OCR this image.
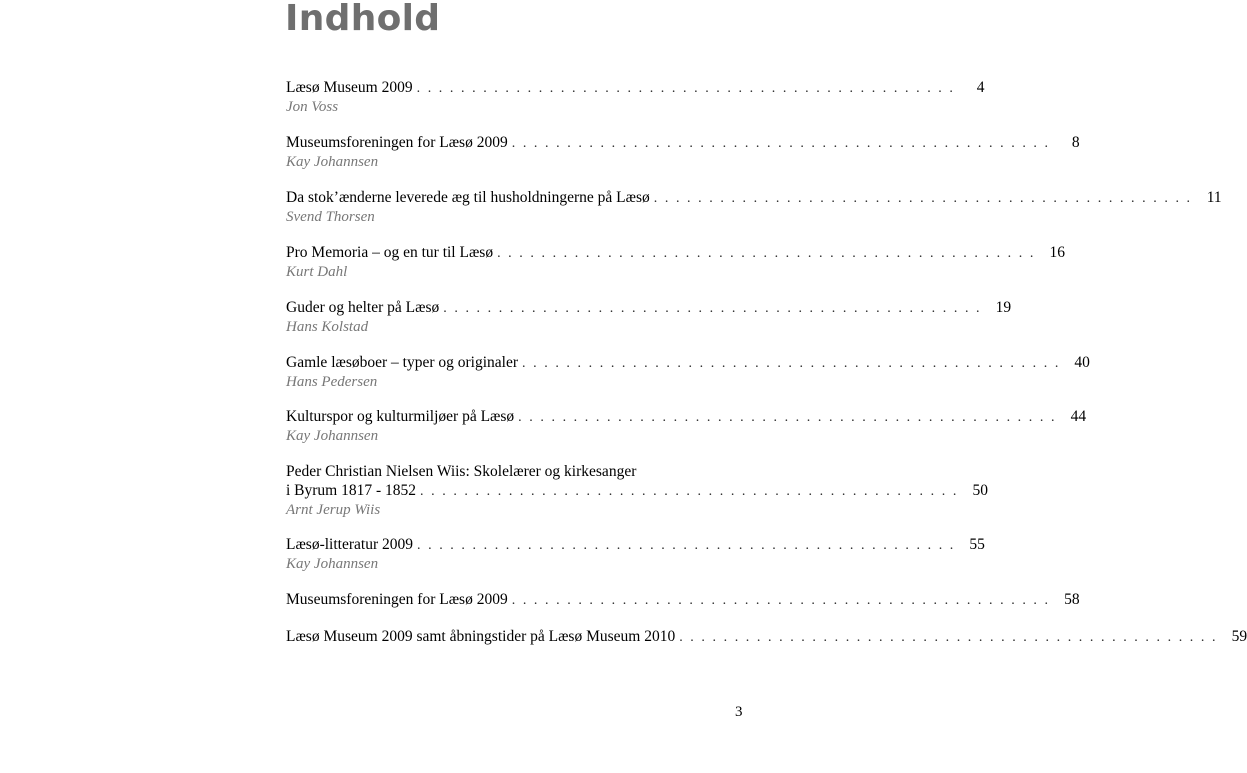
Indhold
Læsø Museum 2009 .................................................	4
Jon Voss
Museumsforeningen for Læsø 2009 .................................................	8
Kay Johannsen
Da stok’ænderne leverede æg til husholdningerne på Læsø ................................................. 11
Svend Thorsen
Pro Memoria – og en tur til Læsø ................................................. 16
Kurt Dahl
Guder og helter på Læsø ................................................. 19
Hans Kolstad
Gamle læsøboer – typer og originaler ................................................. 40
Hans Pedersen
Kulturspor og kulturmiljøer på Læsø ................................................. 44
Kay Johannsen
Peder Christian Nielsen Wiis: Skolelærer og kirkesanger
i Byrum 1817 - 1852 ................................................. 50
Arnt Jerup Wiis
Læsø-litteratur 2009 ................................................. 55
Kay Johannsen
Museumsforeningen for Læsø 2009 ................................................. 58
Læsø Museum 2009 samt åbningstider på Læsø Museum 2010 ................................................. 59
3
